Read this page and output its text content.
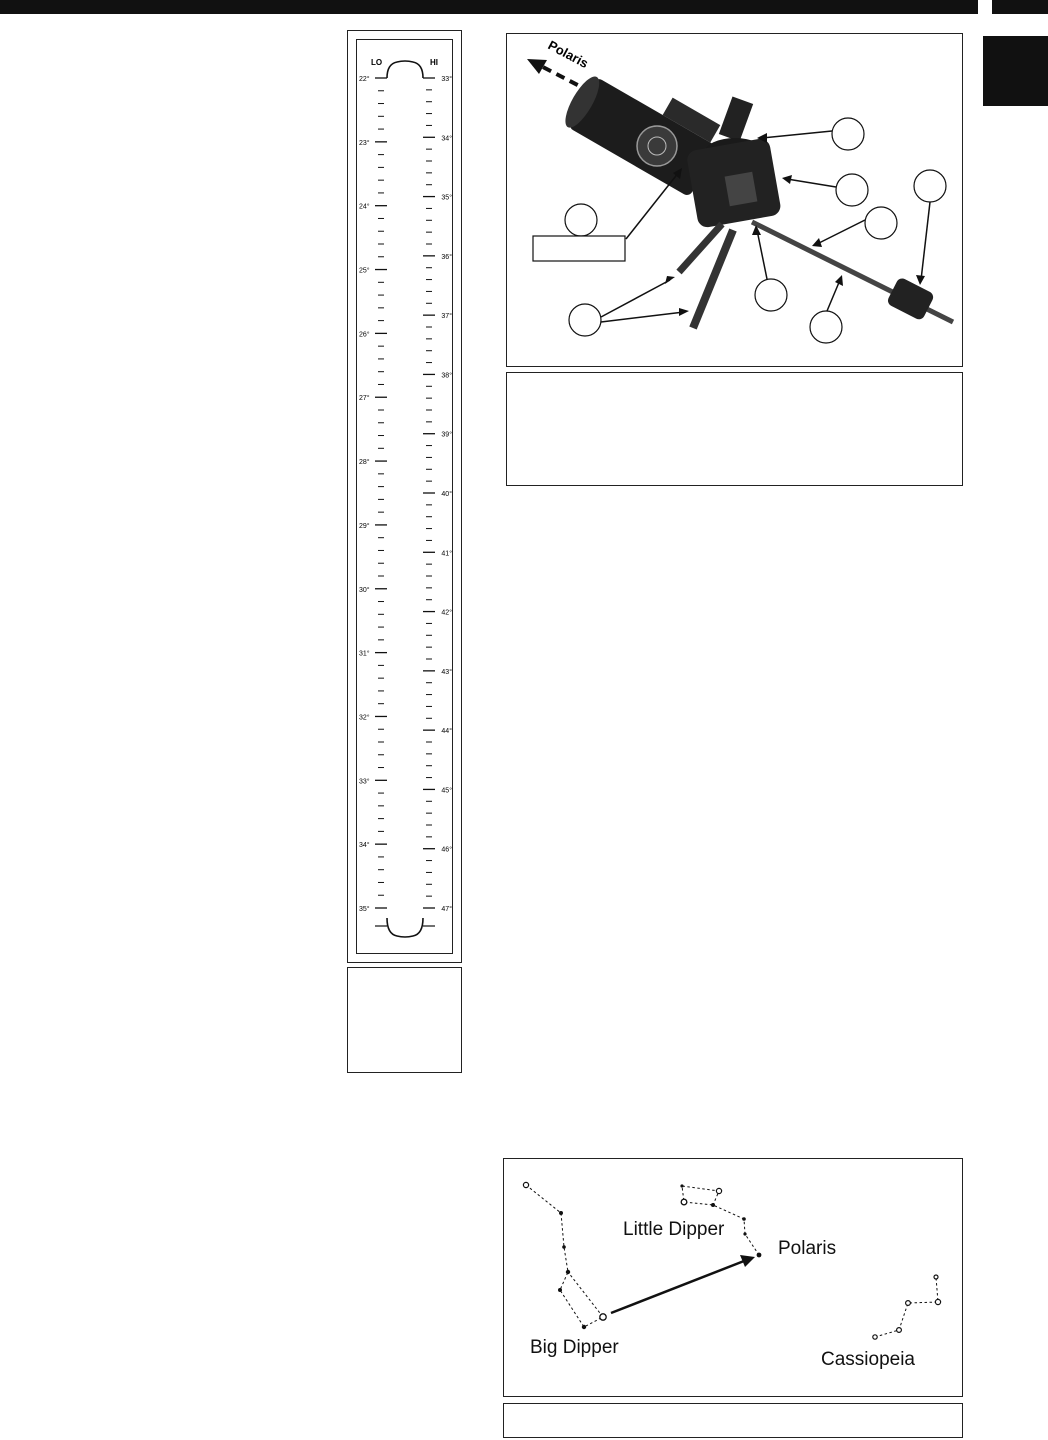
LO	HI
22°
23°
24°
25°
26°
27°
28°
29°
30°
31°
32°
33°
34°
35°
33°
34°
35°
36°
37°
38°
39°
40°
41°
42°
43°
44°
45°
46°
47°
Polaris
Little Dipper
Polaris
Big Dipper
Cassiopeia
